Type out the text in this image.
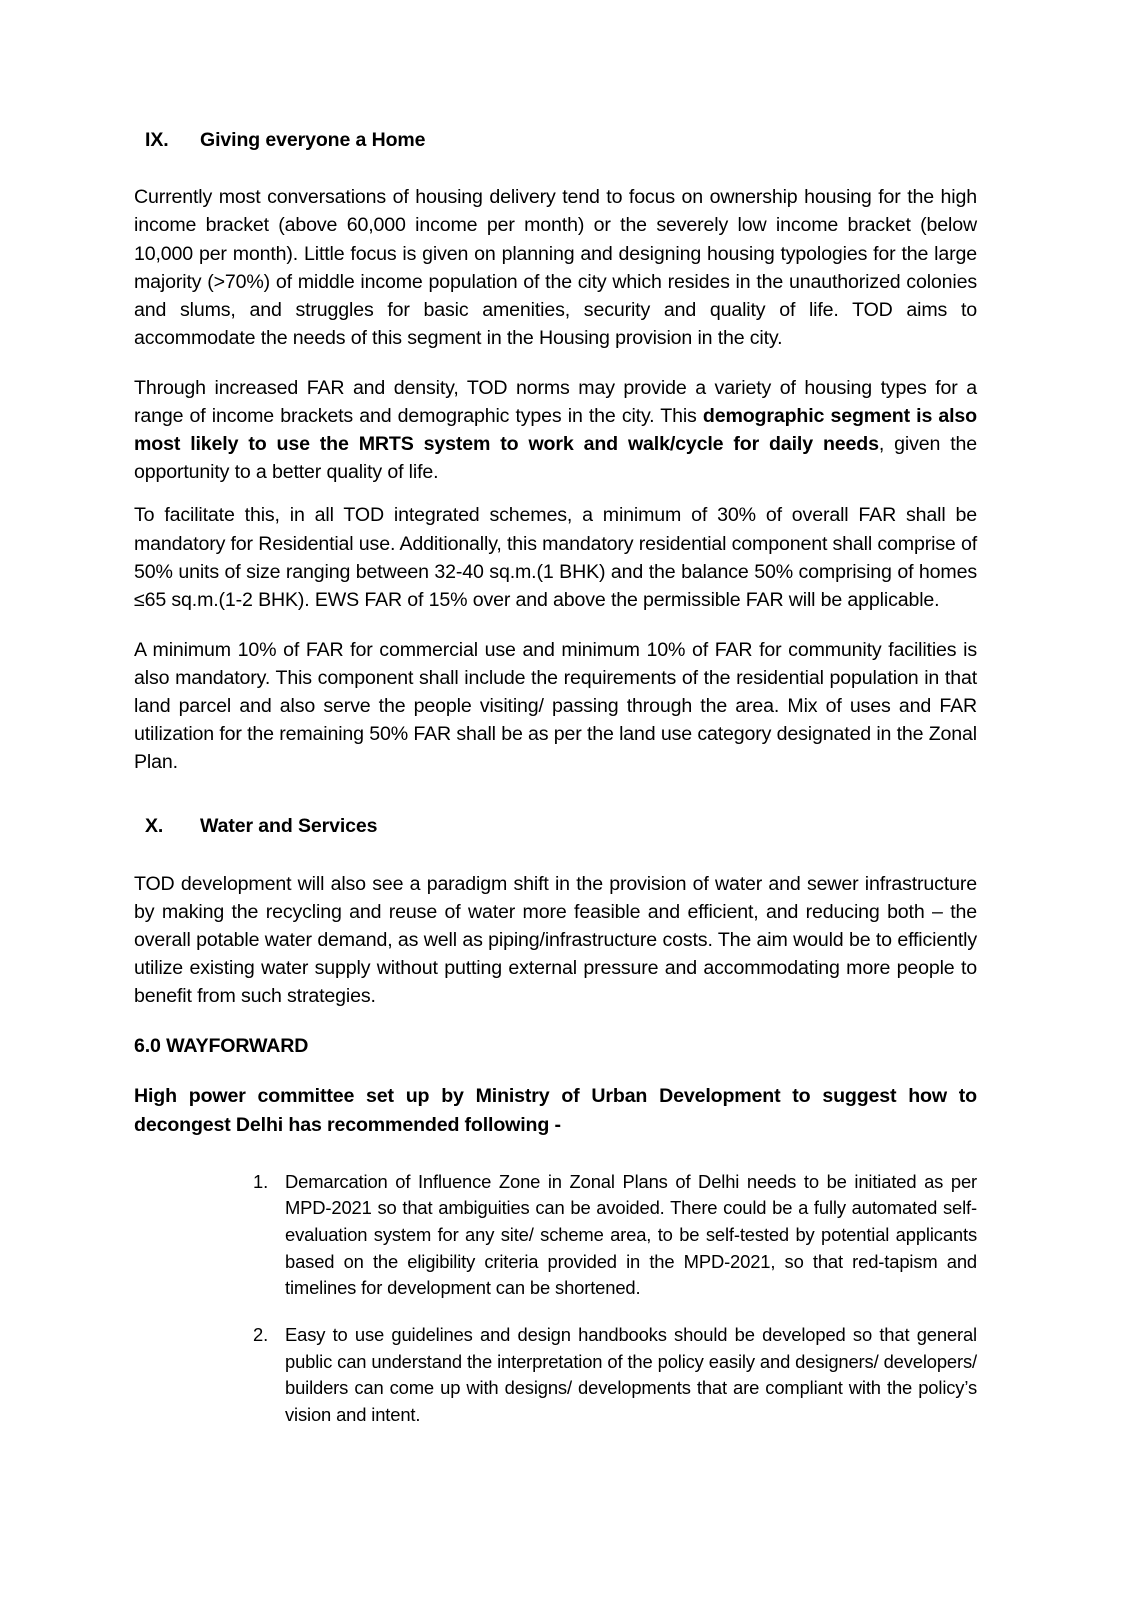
IX.	Giving everyone a Home

Currently most conversations of housing delivery tend to focus on ownership housing for the high income bracket (above 60,000 income per month) or the severely low income bracket (below 10,000 per month). Little focus is given on planning and designing housing typologies for the large majority (>70%) of middle income population of the city which resides in the unauthorized colonies and slums, and struggles for basic amenities, security and quality of life. TOD aims to accommodate the needs of this segment in the Housing provision in the city.

Through increased FAR and density, TOD norms may provide a variety of housing types for a range of income brackets and demographic types in the city. This demographic segment is also most likely to use the MRTS system to work and walk/cycle for daily needs, given the opportunity to a better quality of life.

To facilitate this, in all TOD integrated schemes, a minimum of 30% of overall FAR shall be mandatory for Residential use. Additionally, this mandatory residential component shall comprise of 50% units of size ranging between 32-40 sq.m.(1 BHK) and the balance 50% comprising of homes ≤65 sq.m.(1-2 BHK). EWS FAR of 15% over and above the permissible FAR will be applicable.

A minimum 10% of FAR for commercial use and minimum 10% of FAR for community facilities is also mandatory. This component shall include the requirements of the residential population in that land parcel and also serve the people visiting/ passing through the area. Mix of uses and FAR utilization for the remaining 50% FAR shall be as per the land use category designated in the Zonal Plan.

X.	Water and Services

TOD development will also see a paradigm shift in the provision of water and sewer infrastructure by making the recycling and reuse of water more feasible and efficient, and reducing both – the overall potable water demand, as well as piping/infrastructure costs. The aim would be to efficiently utilize existing water supply without putting external pressure and accommodating more people to benefit from such strategies.

6.0 WAYFORWARD

High power committee set up by Ministry of Urban Development to suggest how to decongest Delhi has recommended following -

1. Demarcation of Influence Zone in Zonal Plans of Delhi needs to be initiated as per MPD-2021 so that ambiguities can be avoided. There could be a fully automated self-evaluation system for any site/ scheme area, to be self-tested by potential applicants based on the eligibility criteria provided in the MPD-2021, so that red-tapism and timelines for development can be shortened.
2. Easy to use guidelines and design handbooks should be developed so that general public can understand the interpretation of the policy easily and designers/ developers/ builders can come up with designs/ developments that are compliant with the policy’s vision and intent.
